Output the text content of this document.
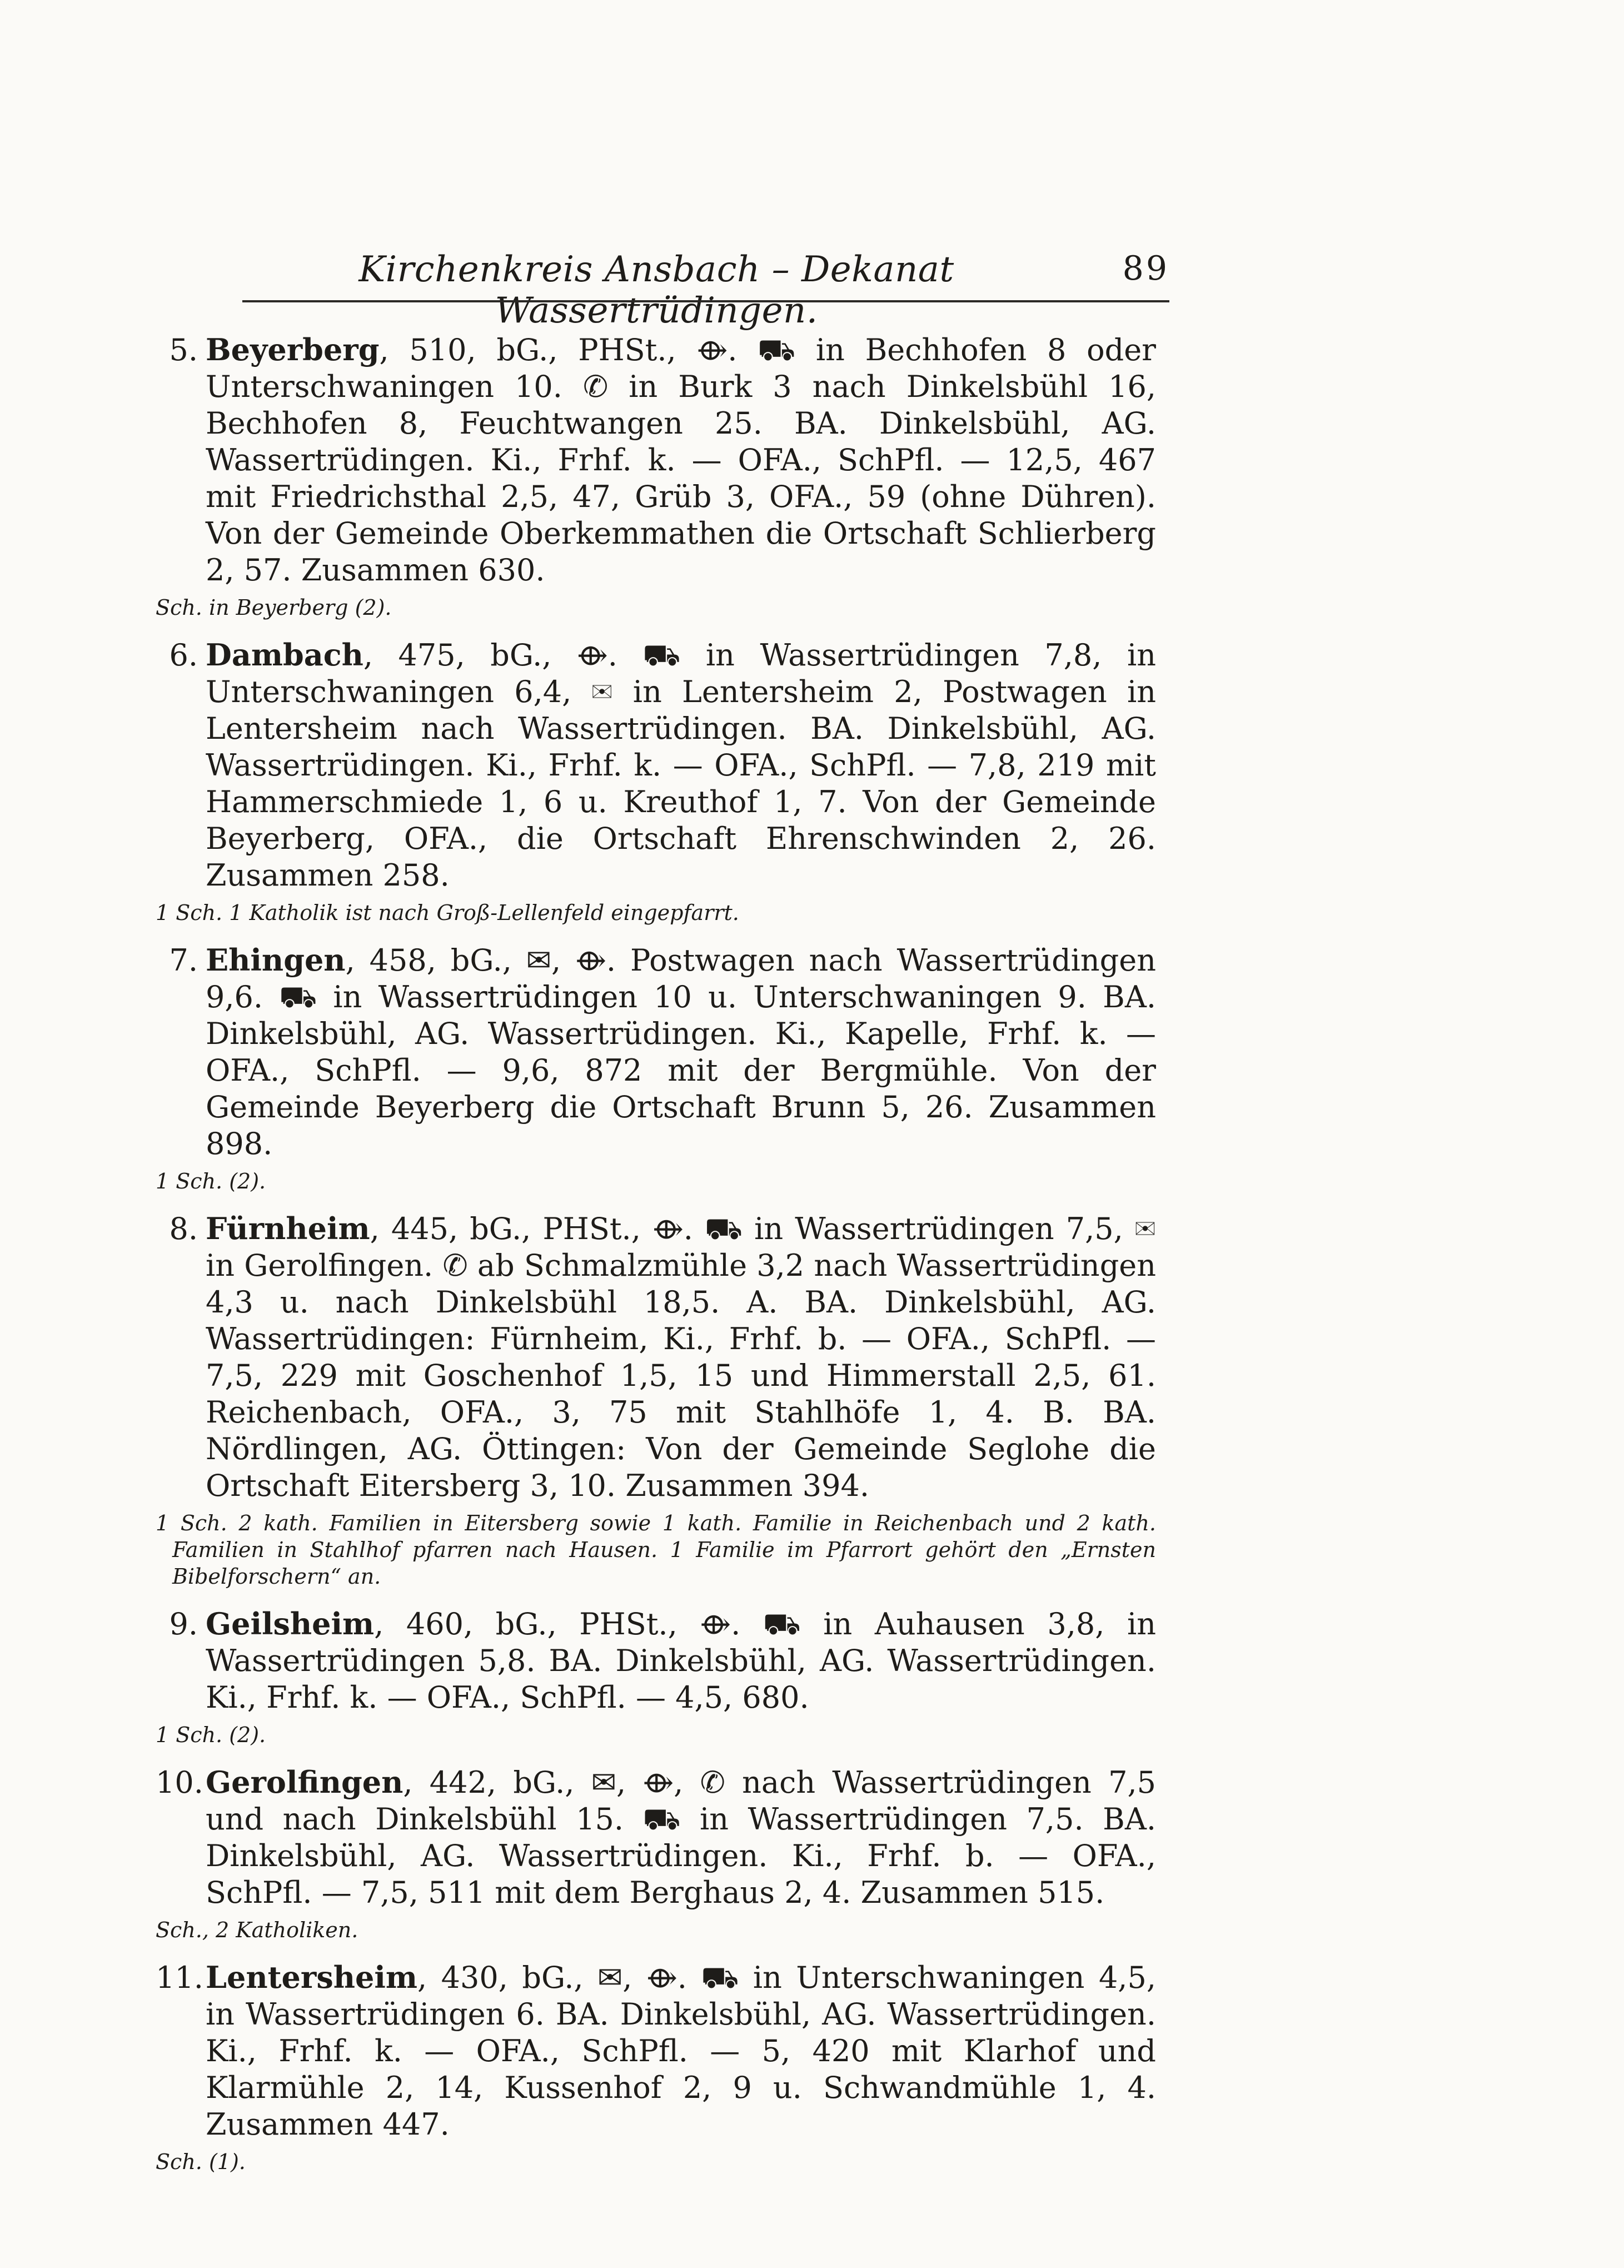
Kirchenkreis Ansbach – Dekanat Wassertrüdingen.
89
5. Beyerberg, 510, bG., PHSt., ⟴. ⛟ in Bechhofen 8 oder Unterschwaningen 10. ✆ in Burk 3 nach Dinkelsbühl 16, Bechhofen 8, Feuchtwangen 25. BA. Dinkelsbühl, AG. Wassertrüdingen. Ki., Frhf. k. — OFA., SchPfl. — 12,5, 467 mit Friedrichsthal 2,5, 47, Grüb 3, OFA., 59 (ohne Dühren). Von der Gemeinde Oberkemmathen die Ortschaft Schlierberg 2, 57. Zusammen 630.
Sch. in Beyerberg (2).
6. Dambach, 475, bG., ⟴. ⛟ in Wassertrüdingen 7,8, in Unterschwaningen 6,4, ✉ in Lentersheim 2, Postwagen in Lentersheim nach Wassertrüdingen. BA. Dinkelsbühl, AG. Wassertrüdingen. Ki., Frhf. k. — OFA., SchPfl. — 7,8, 219 mit Hammerschmiede 1, 6 u. Kreuthof 1, 7. Von der Gemeinde Beyerberg, OFA., die Ortschaft Ehrenschwinden 2, 26. Zusammen 258.
1 Sch. 1 Katholik ist nach Groß-Lellenfeld eingepfarrt.
7. Ehingen, 458, bG., ✉, ⟴. Postwagen nach Wassertrüdingen 9,6. ⛟ in Wassertrüdingen 10 u. Unterschwaningen 9. BA. Dinkelsbühl, AG. Wassertrüdingen. Ki., Kapelle, Frhf. k. — OFA., SchPfl. — 9,6, 872 mit der Bergmühle. Von der Gemeinde Beyerberg die Ortschaft Brunn 5, 26. Zusammen 898.
1 Sch. (2).
8. Fürnheim, 445, bG., PHSt., ⟴. ⛟ in Wassertrüdingen 7,5, ✉ in Gerolfingen. ✆ ab Schmalzmühle 3,2 nach Wassertrüdingen 4,3 u. nach Dinkelsbühl 18,5. A. BA. Dinkelsbühl, AG. Wassertrüdingen: Fürnheim, Ki., Frhf. b. — OFA., SchPfl. — 7,5, 229 mit Goschenhof 1,5, 15 und Himmerstall 2,5, 61. Reichenbach, OFA., 3, 75 mit Stahlhöfe 1, 4. B. BA. Nördlingen, AG. Öttingen: Von der Gemeinde Seglohe die Ortschaft Eitersberg 3, 10. Zusammen 394.
1 Sch. 2 kath. Familien in Eitersberg sowie 1 kath. Familie in Reichenbach und 2 kath. Familien in Stahlhof pfarren nach Hausen. 1 Familie im Pfarrort gehört den „Ernsten Bibelforschern“ an.
9. Geilsheim, 460, bG., PHSt., ⟴. ⛟ in Auhausen 3,8, in Wassertrüdingen 5,8. BA. Dinkelsbühl, AG. Wassertrüdingen. Ki., Frhf. k. — OFA., SchPfl. — 4,5, 680.
1 Sch. (2).
10.Gerolfingen, 442, bG., ✉, ⟴, ✆ nach Wassertrüdingen 7,5 und nach Dinkelsbühl 15. ⛟ in Wassertrüdingen 7,5. BA. Dinkelsbühl, AG. Wassertrüdingen. Ki., Frhf. b. — OFA., SchPfl. — 7,5, 511 mit dem Berghaus 2, 4. Zusammen 515.
Sch., 2 Katholiken.
11.Lentersheim, 430, bG., ✉, ⟴. ⛟ in Unterschwaningen 4,5, in Wassertrüdingen 6. BA. Dinkelsbühl, AG. Wassertrüdingen. Ki., Frhf. k. — OFA., SchPfl. — 5, 420 mit Klarhof und Klarmühle 2, 14, Kussenhof 2, 9 u. Schwandmühle 1, 4. Zusammen 447.
Sch. (1).
